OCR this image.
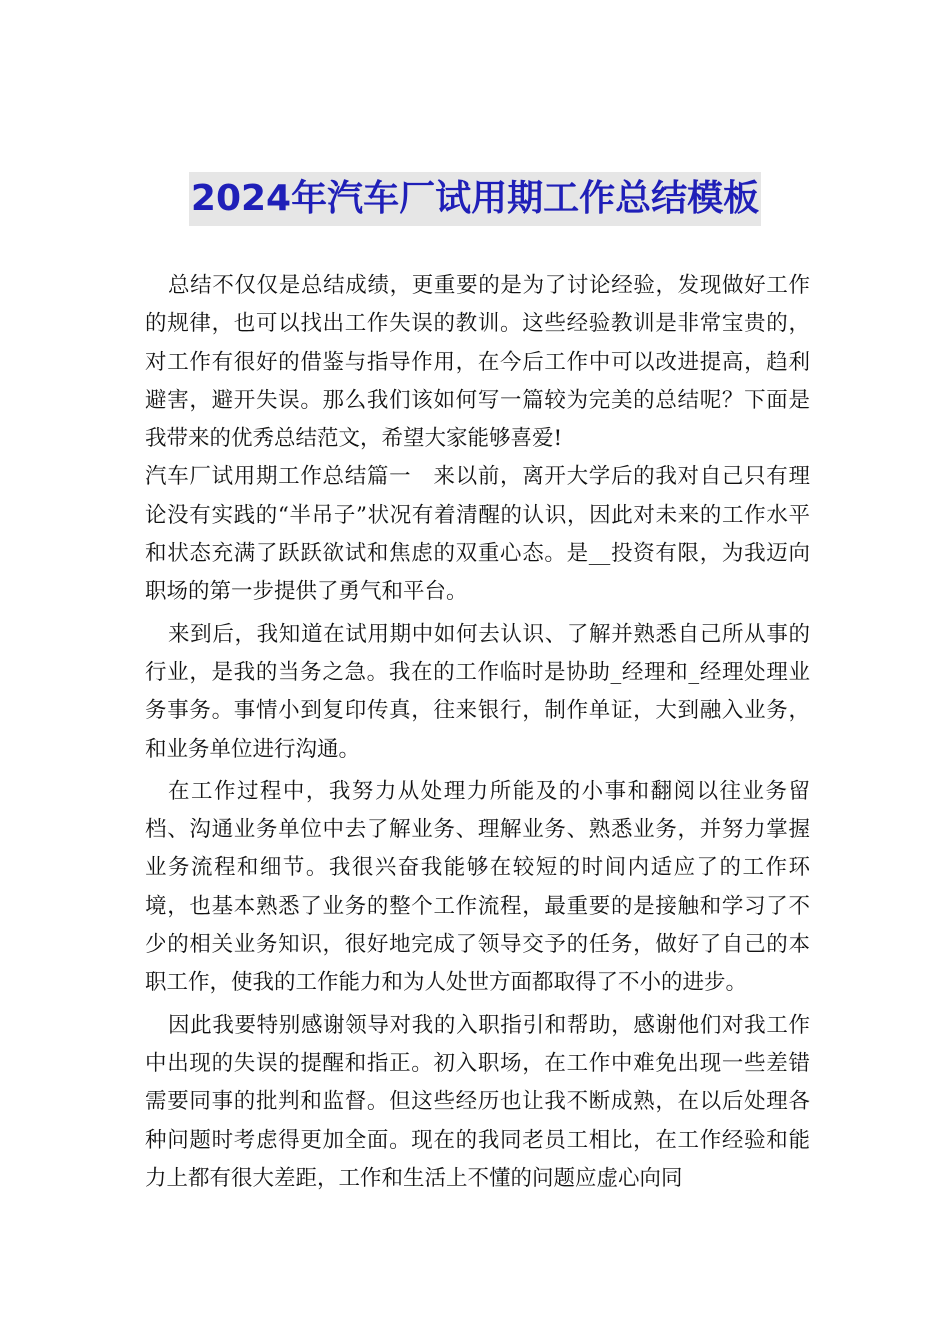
2024年汽车厂试用期工作总结模板

总结不仅仅是总结成绩，更重要的是为了讨论经验，发现做好工作的规律，也可以找出工作失误的教训。这些经验教训是非常宝贵的，对工作有很好的借鉴与指导作用，在今后工作中可以改进提高，趋利避害，避开失误。那么我们该如何写一篇较为完美的总结呢？下面是我带来的优秀总结范文，希望大家能够喜爱!

汽车厂试用期工作总结篇一　来以前，离开大学后的我对自己只有理论没有实践的“半吊子”状况有着清醒的认识，因此对未来的工作水平和状态充满了跃跃欲试和焦虑的双重心态。是__投资有限，为我迈向职场的第一步提供了勇气和平台。

来到后，我知道在试用期中如何去认识、了解并熟悉自己所从事的行业，是我的当务之急。我在的工作临时是协助_经理和_经理处理业务事务。事情小到复印传真，往来银行，制作单证，大到融入业务，和业务单位进行沟通。

在工作过程中，我努力从处理力所能及的小事和翻阅以往业务留档、沟通业务单位中去了解业务、理解业务、熟悉业务，并努力掌握业务流程和细节。我很兴奋我能够在较短的时间内适应了的工作环境，也基本熟悉了业务的整个工作流程，最重要的是接触和学习了不少的相关业务知识，很好地完成了领导交予的任务，做好了自己的本职工作，使我的工作能力和为人处世方面都取得了不小的进步。

因此我要特别感谢领导对我的入职指引和帮助，感谢他们对我工作中出现的失误的提醒和指正。初入职场，在工作中难免出现一些差错需要同事的批判和监督。但这些经历也让我不断成熟，在以后处理各种问题时考虑得更加全面。现在的我同老员工相比，在工作经验和能力上都有很大差距，工作和生活上不懂的问题应虚心向同
